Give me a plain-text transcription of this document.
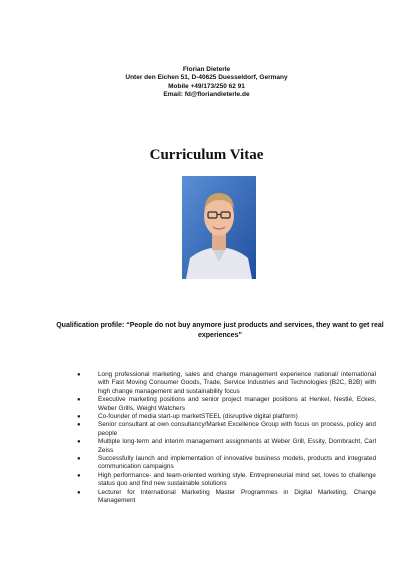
Florian Dieterle
Unter den Eichen 51, D-40625 Duesseldorf, Germany
Mobile +49/173/250 62 91
Email: fd@floriandieterle.de
Curriculum Vitae
Qualification profile: “People do not buy anymore just products and services, they want to get real experiences”
●	Long professional marketing, sales and change management experience national/ international with Fast Moving Consumer Goods, Trade, Service Industries and Technologies (B2C, B2B) with high change management and sustainability focus
●	Executive marketing positions and senior project manager positions at Henkel, Nestlé, Eckes, Weber Grills, Weight Watchers
●	Co-founder of media start-up marketSTEEL (disruptive digital platform)
●	Senior consultant at own consultancy/Market Excellence Group with focus on process, policy and people
●	Multiple long-term and interim management assignments at Weber Grill, Essity, Dornbracht, Carl Zeiss
●	Successfully launch and implementation of innovative business models, products and integrated communication campaigns
●	High performance- and team-oriented working style. Entrepreneurial mind set, loves to challenge status quo and find new sustainable solutions
●	Lecturer for International Marketing Master Programmes in Digital Marketing, Change Management
